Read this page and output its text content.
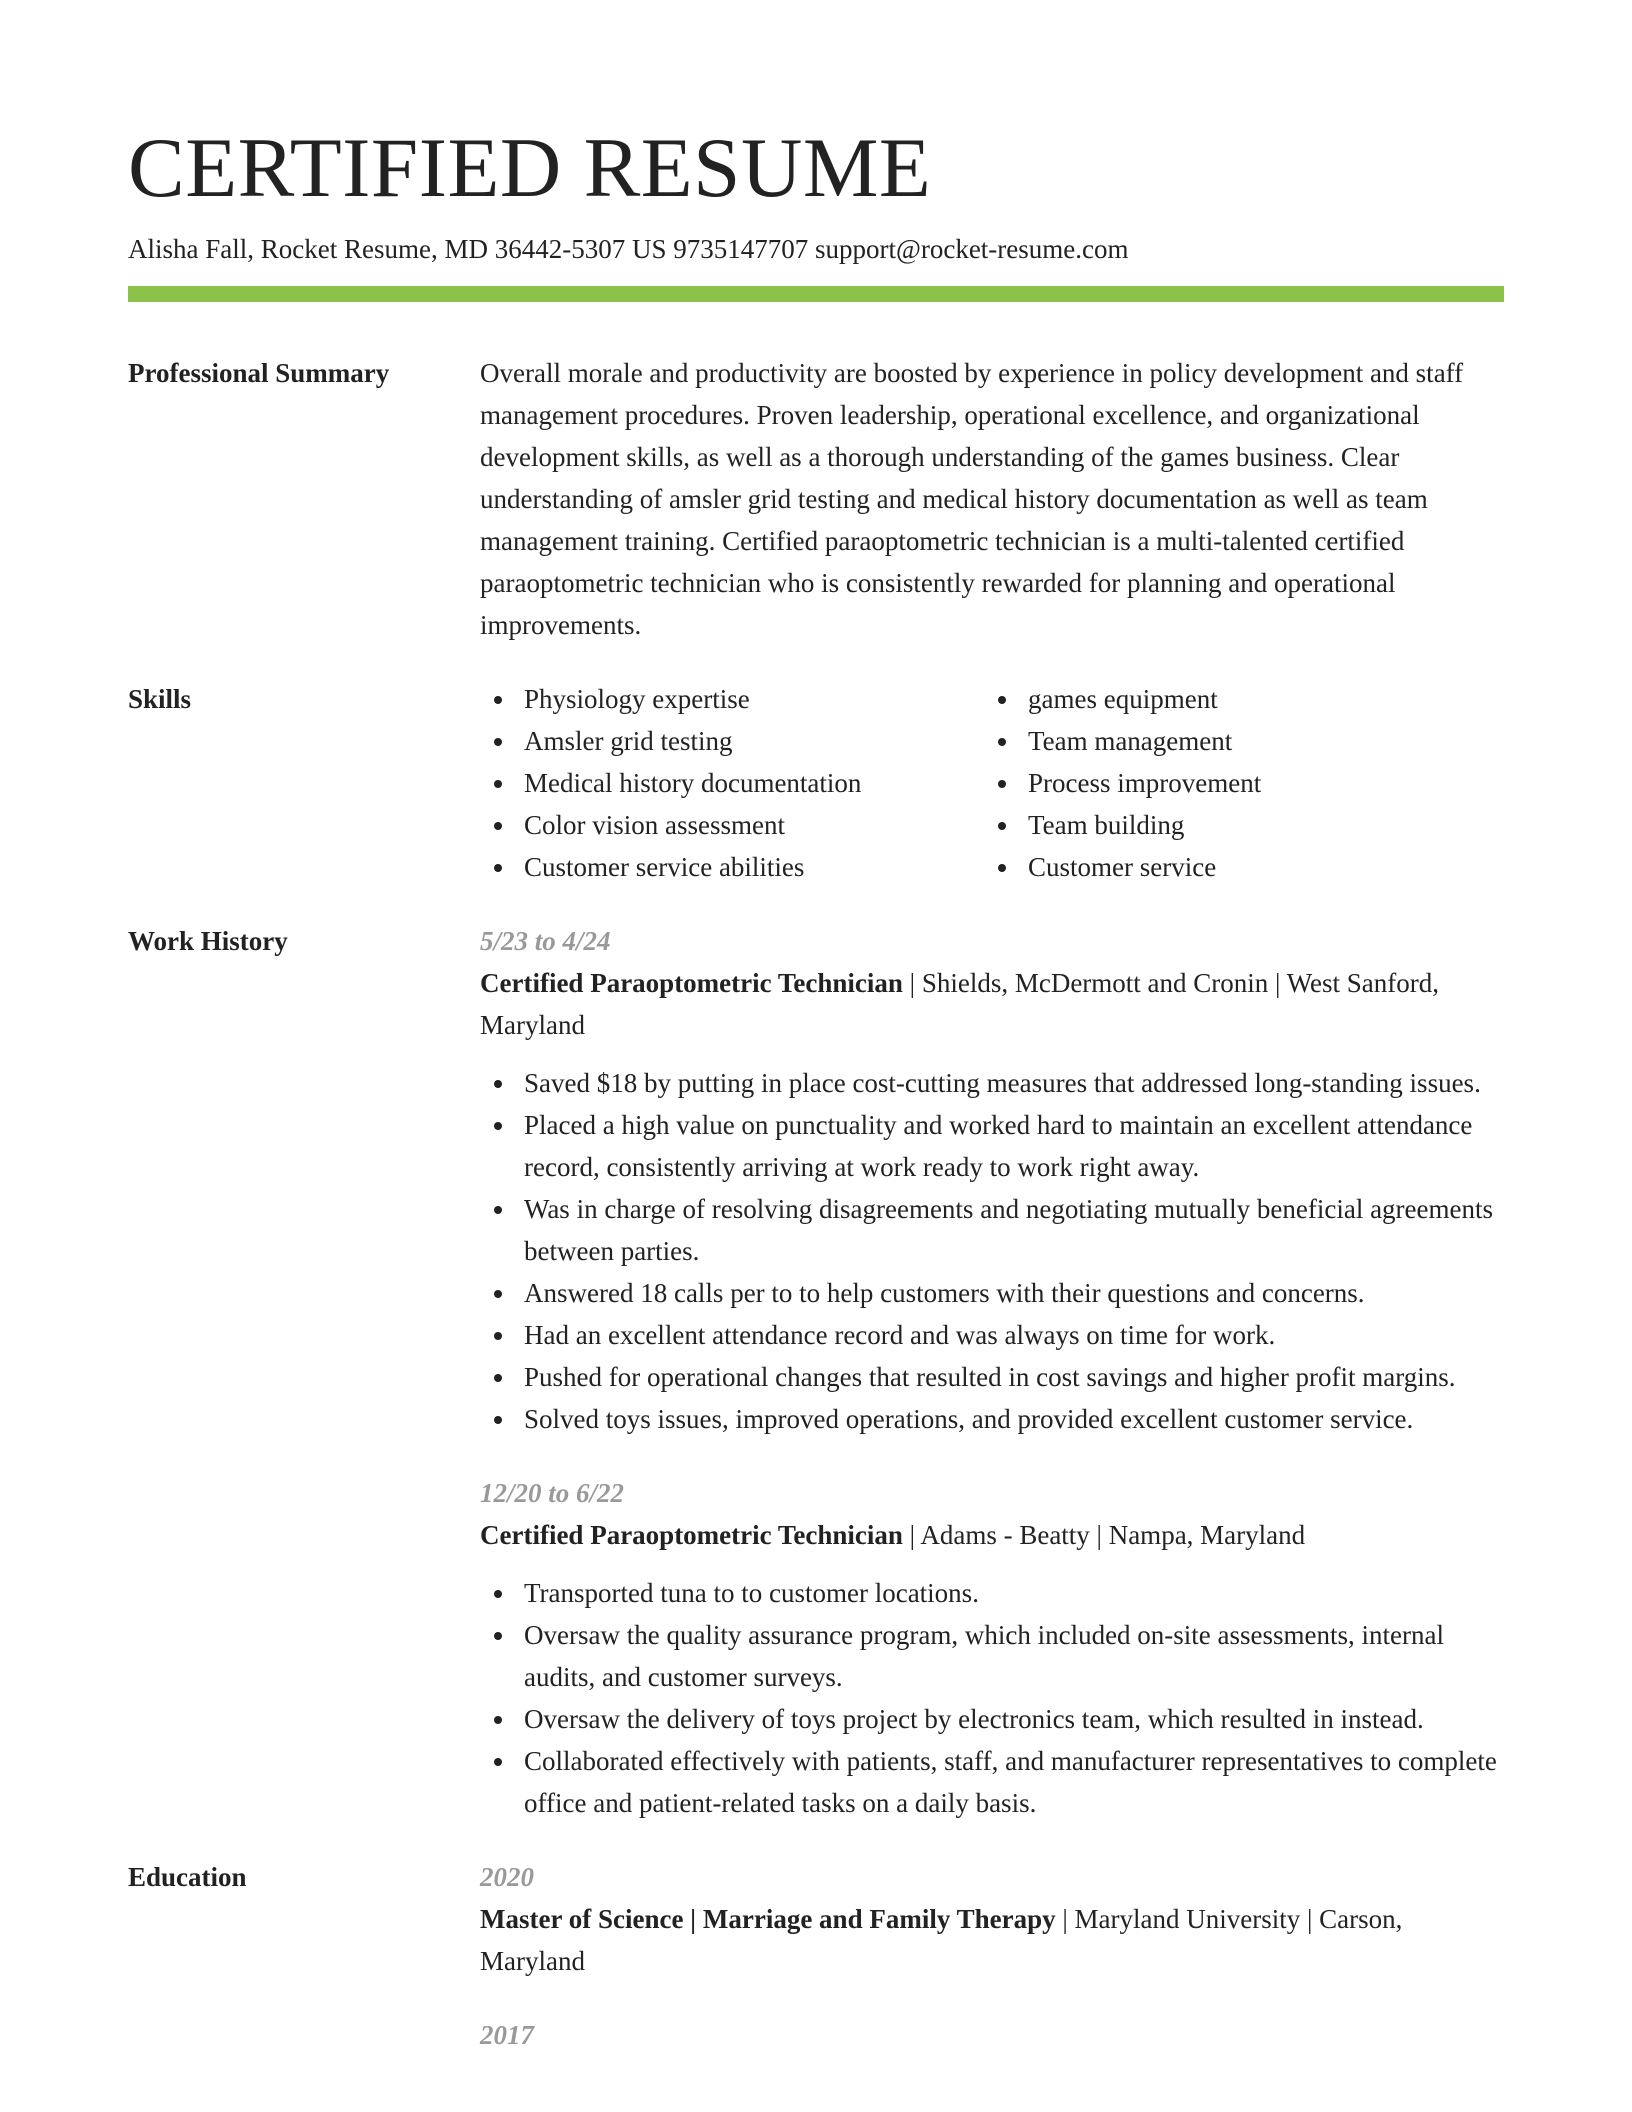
CERTIFIED RESUME
Alisha Fall, Rocket Resume, MD 36442-5307 US 9735147707 support@rocket-resume.com
Professional Summary	Overall morale and productivity are boosted by experience in policy development and staff management procedures. Proven leadership, operational excellence, and organizational development skills, as well as a thorough understanding of the games business. Clear understanding of amsler grid testing and medical history documentation as well as team management training. Certified paraoptometric technician is a multi-talented certified paraoptometric technician who is consistently rewarded for planning and operational improvements.

Skills	Physiology expertise
Amsler grid testing
Medical history documentation
Color vision assessment
Customer service abilities
games equipment
Team management
Process improvement
Team building
Customer service
Work History	5/23 to 4/24

Certified Paraoptometric Technician | Shields, McDermott and Cronin | West Sanford, Maryland

Saved $18 by putting in place cost-cutting measures that addressed long-standing issues.
Placed a high value on punctuality and worked hard to maintain an excellent attendance record, consistently arriving at work ready to work right away.
Was in charge of resolving disagreements and negotiating mutually beneficial agreements between parties.
Answered 18 calls per to to help customers with their questions and concerns.
Had an excellent attendance record and was always on time for work.
Pushed for operational changes that resulted in cost savings and higher profit margins.
Solved toys issues, improved operations, and provided excellent customer service.
12/20 to 6/22

Certified Paraoptometric Technician | Adams - Beatty | Nampa, Maryland

Transported tuna to to customer locations.
Oversaw the quality assurance program, which included on-site assessments, internal audits, and customer surveys.
Oversaw the delivery of toys project by electronics team, which resulted in instead.
Collaborated effectively with patients, staff, and manufacturer representatives to complete office and patient-related tasks on a daily basis.
Education	2020

Master of Science | Marriage and Family Therapy | Maryland University | Carson, Maryland

2017
